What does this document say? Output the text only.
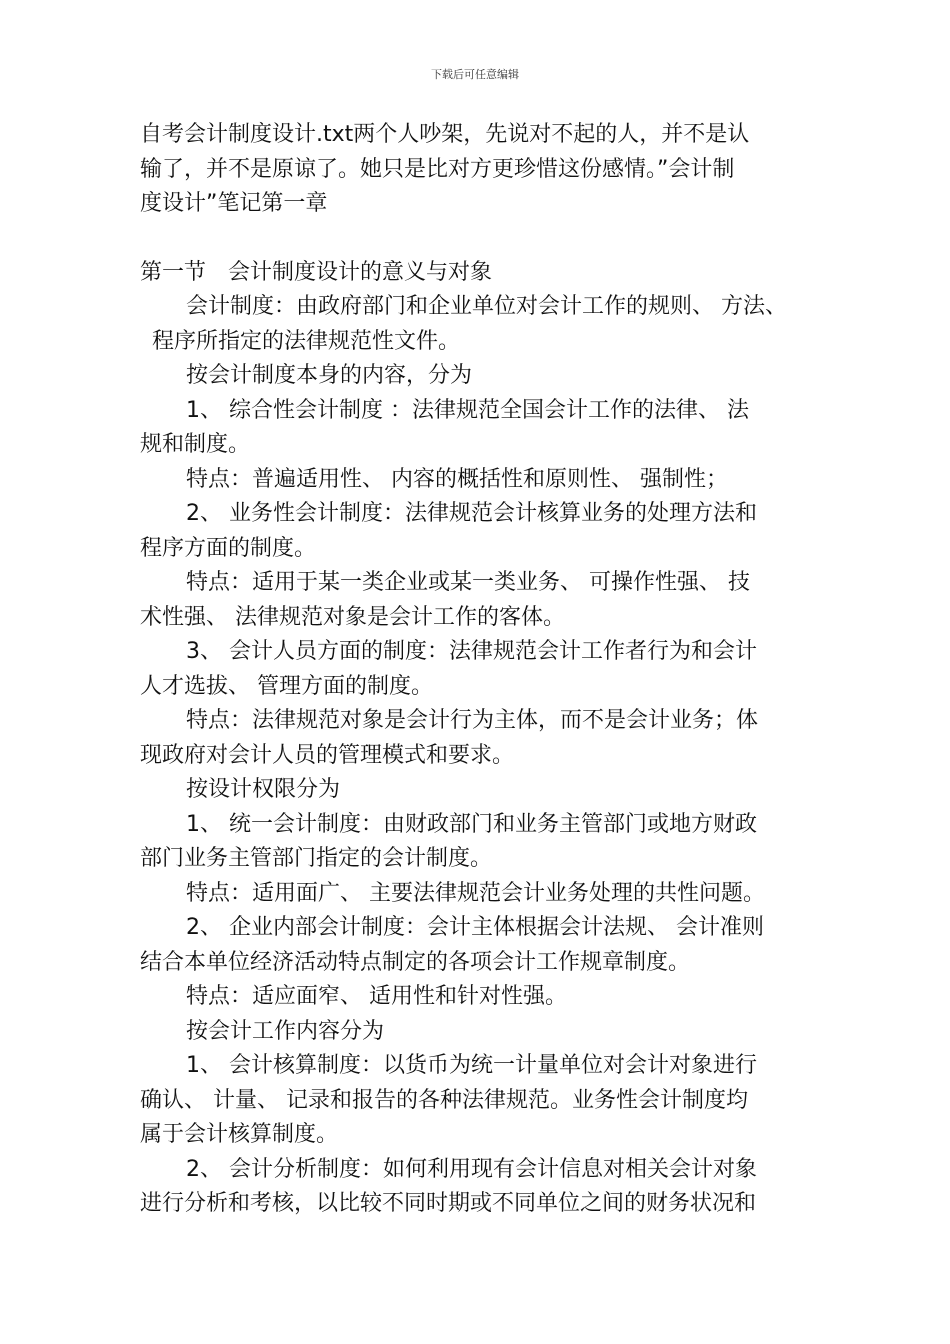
下载后可任意编辑

自考会计制度设计.txt两个人吵架，先说对不起的人，并不是认

输了，并不是原谅了。她只是比对方更珍惜这份感情。”会计制

度设计”笔记第一章

第一节　会计制度设计的意义与对象

会计制度：由政府部门和企业单位对会计工作的规则、 方法、

程序所指定的法律规范性文件。

按会计制度本身的内容，分为

1、 综合性会计制度 ：法律规范全国会计工作的法律、 法

规和制度。

特点：普遍适用性、 内容的概括性和原则性、 强制性；

2、 业务性会计制度：法律规范会计核算业务的处理方法和

程序方面的制度。

特点：适用于某一类企业或某一类业务、 可操作性强、 技

术性强、 法律规范对象是会计工作的客体。

3、 会计人员方面的制度：法律规范会计工作者行为和会计

人才选拔、 管理方面的制度。

特点：法律规范对象是会计行为主体，而不是会计业务；体

现政府对会计人员的管理模式和要求。

按设计权限分为

1、 统一会计制度：由财政部门和业务主管部门或地方财政

部门业务主管部门指定的会计制度。

特点：适用面广、 主要法律规范会计业务处理的共性问题。

2、 企业内部会计制度：会计主体根据会计法规、 会计准则

结合本单位经济活动特点制定的各项会计工作规章制度。

特点：适应面窄、 适用性和针对性强。

按会计工作内容分为

1、 会计核算制度：以货币为统一计量单位对会计对象进行

确认、 计量、 记录和报告的各种法律规范。业务性会计制度均

属于会计核算制度。

2、 会计分析制度：如何利用现有会计信息对相关会计对象

进行分析和考核，以比较不同时期或不同单位之间的财务状况和
